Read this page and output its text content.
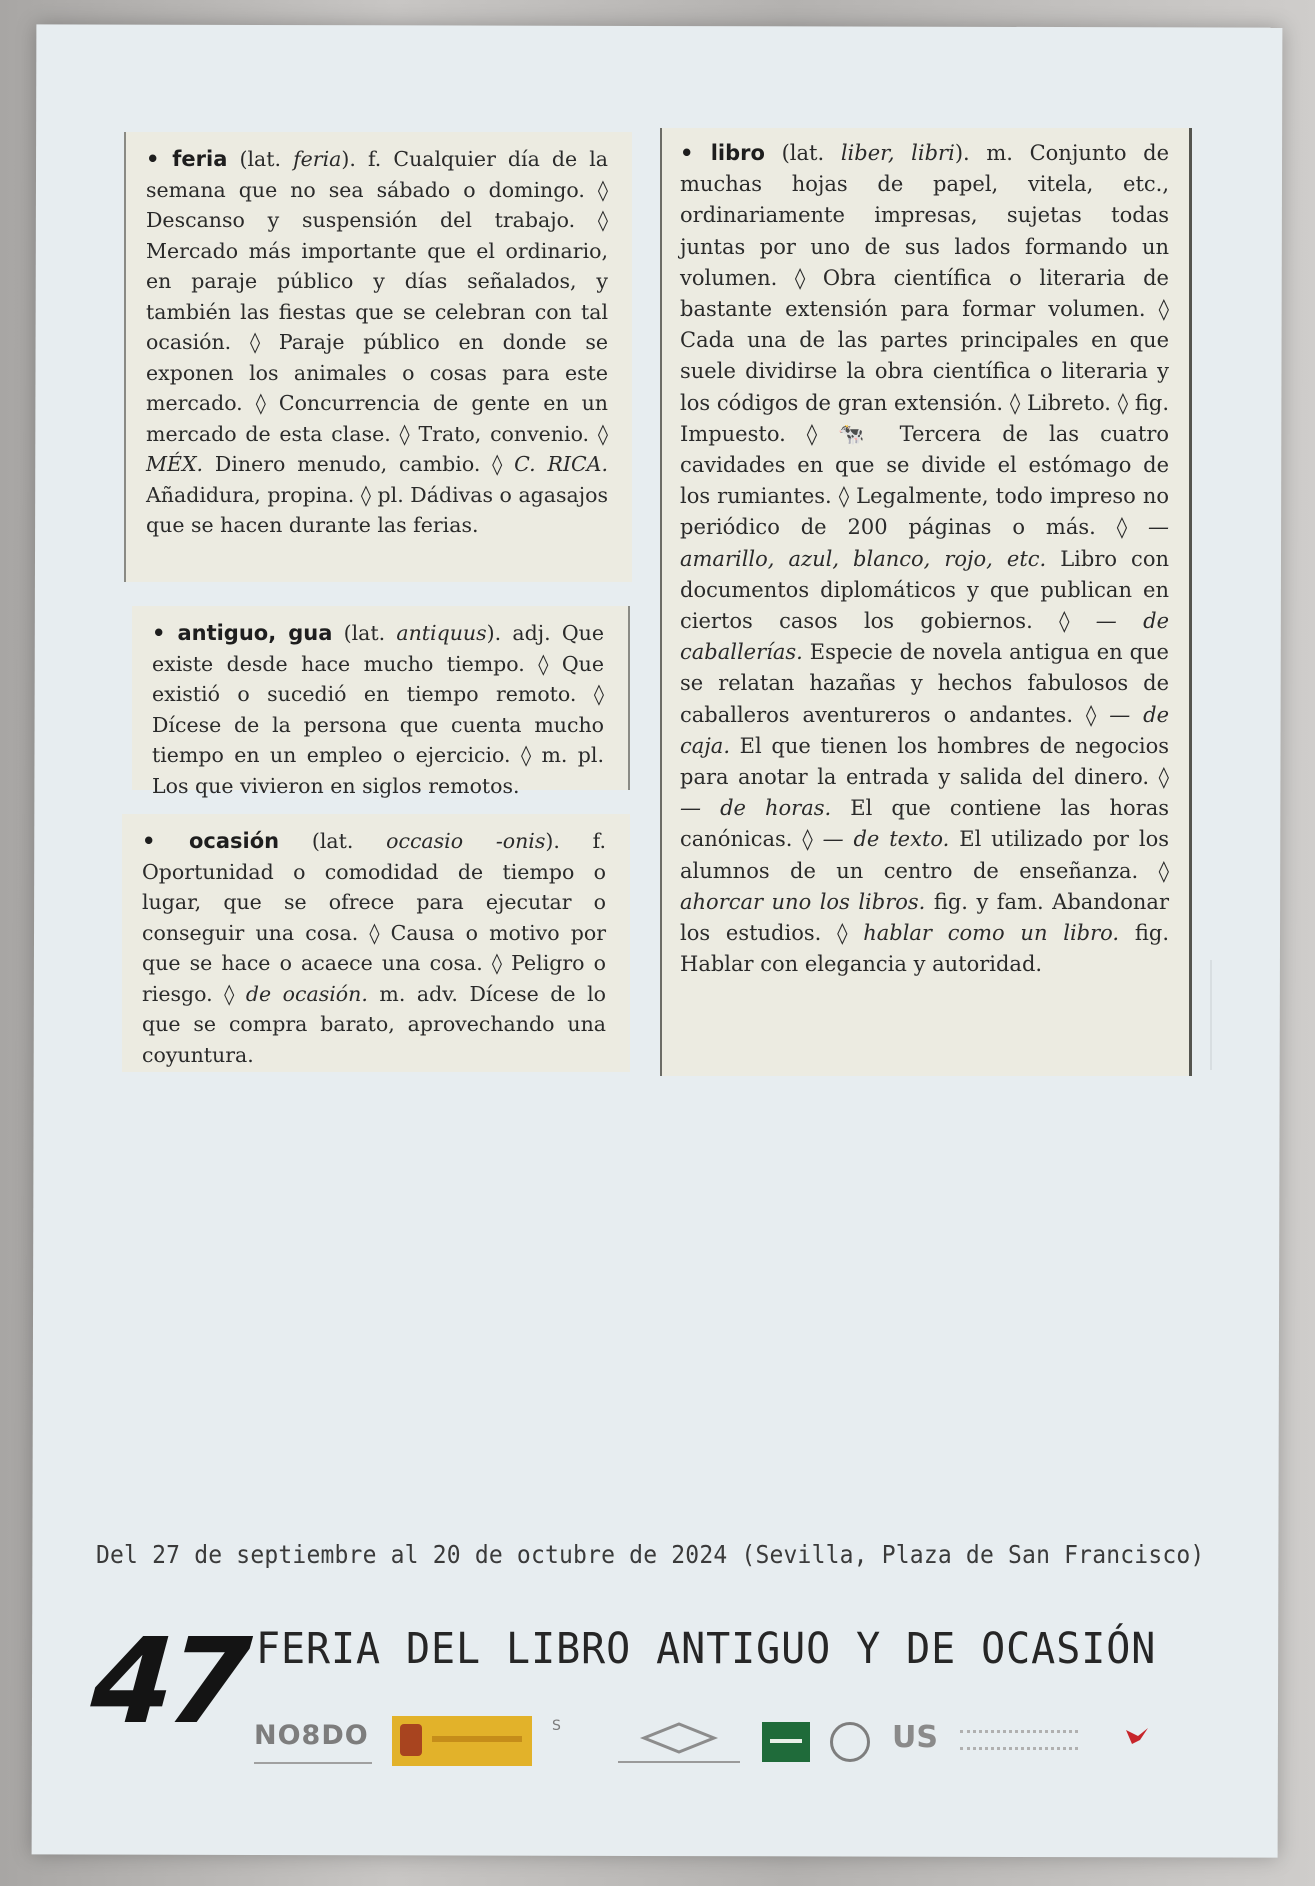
• feria (lat. feria). f. Cualquier día de la semana que no sea sábado o domingo. ◊ Descanso y suspensión del trabajo. ◊ Mercado más importante que el ordinario, en paraje público y días señalados, y también las fiestas que se celebran con tal ocasión. ◊ Paraje público en donde se exponen los animales o cosas para este mercado. ◊ Concurrencia de gente en un mercado de esta clase. ◊ Trato, convenio. ◊ MÉX. Dinero menudo, cambio. ◊ C. RICA. Añadidura, propina. ◊ pl. Dádivas o agasajos que se hacen durante las ferias.
• antiguo, gua (lat. antiquus). adj. Que existe desde hace mucho tiempo. ◊ Que existió o sucedió en tiempo remoto. ◊ Dícese de la persona que cuenta mucho tiempo en un empleo o ejercicio. ◊ m. pl. Los que vivieron en siglos remotos.
• ocasión (lat. occasio -onis). f. Oportunidad o comodidad de tiempo o lugar, que se ofrece para ejecutar o conseguir una cosa. ◊ Causa o motivo por que se hace o acaece una cosa. ◊ Peligro o riesgo. ◊ de ocasión. m. adv. Dícese de lo que se compra barato, aprovechando una coyuntura.
• libro (lat. liber, libri). m. Conjunto de muchas hojas de papel, vitela, etc., ordinariamente impresas, sujetas todas juntas por uno de sus lados formando un volumen. ◊ Obra científica o literaria de bastante extensión para formar volumen. ◊ Cada una de las partes principales en que suele dividirse la obra científica o literaria y los códigos de gran extensión. ◊ Libreto. ◊ fig. Impuesto. ◊ 🐄 Tercera de las cuatro cavidades en que se divide el estómago de los rumiantes. ◊ Legalmente, todo impreso no periódico de 200 páginas o más. ◊ — amarillo, azul, blanco, rojo, etc. Libro con documentos diplomáticos y que publican en ciertos casos los gobiernos. ◊ — de caballerías. Especie de novela antigua en que se relatan hazañas y hechos fabulosos de caballeros aventureros o andantes. ◊ — de caja. El que tienen los hombres de negocios para anotar la entrada y salida del dinero. ◊ — de horas. El que contiene las horas canónicas. ◊ — de texto. El utilizado por los alumnos de un centro de enseñanza. ◊ ahorcar uno los libros. fig. y fam. Abandonar los estudios. ◊ hablar como un libro. fig. Hablar con elegancia y autoridad.
Del 27 de septiembre al 20 de octubre de 2024 (Sevilla, Plaza de San Francisco)
47 FERIA DEL LIBRO ANTIGUO Y DE OCASIÓN
NO8DO	S	US
